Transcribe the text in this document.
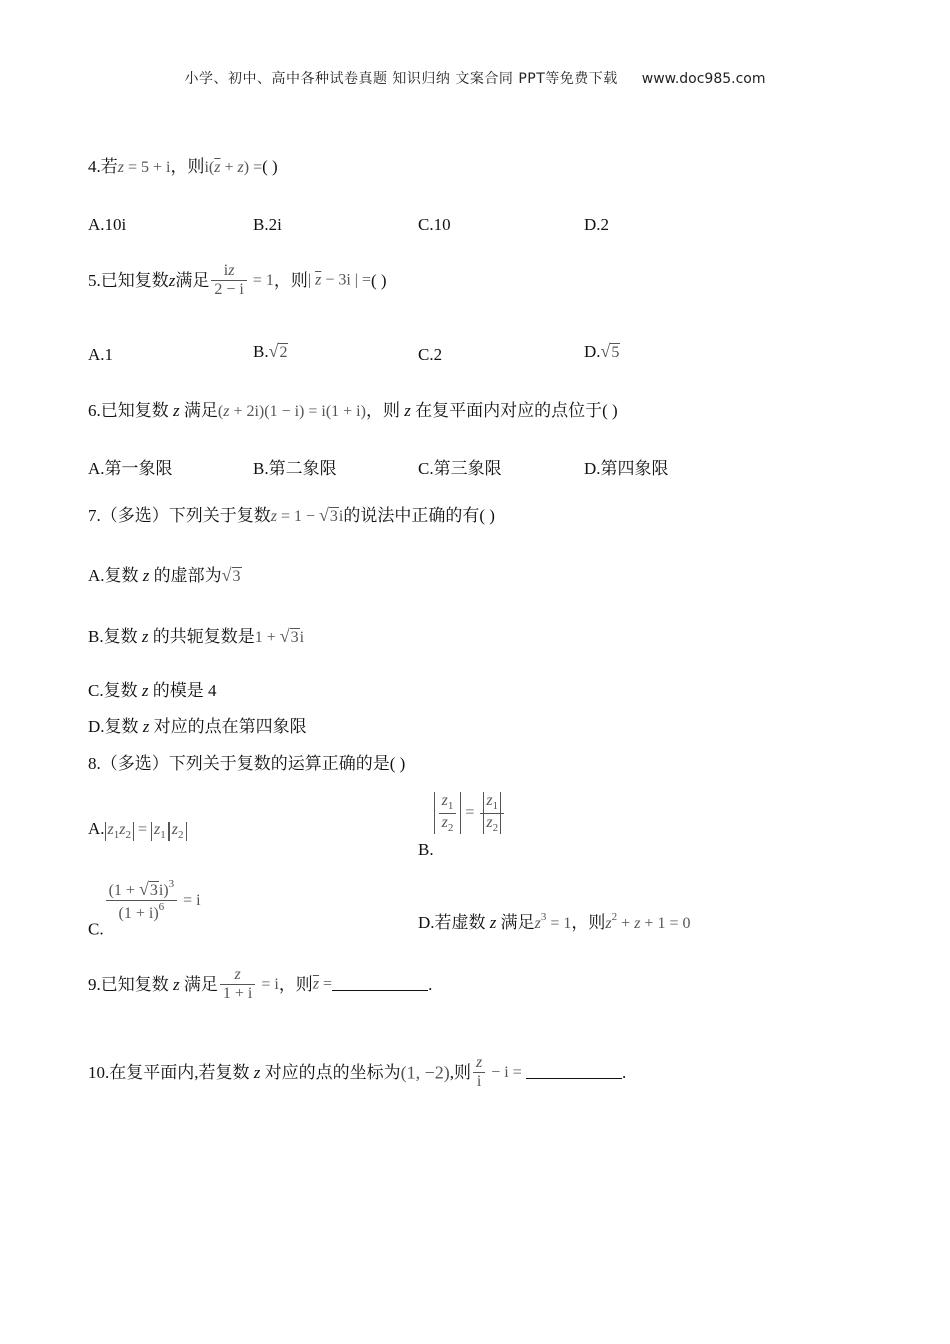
小学、初中、高中各种试卷真题 知识归纳 文案合同 PPT等免费下载 www.doc985.com
4.若z = 5 + i，则$i(\overline{z} + z)$ =( )
A.10i	B.2i	C.10	D.2
5.已知复数z满足 $\frac{iz}{2 - i} = 1$，则| $\overline{z} - 3i$ | =( )
A.1	B.√2	C.2	D.√5
6.已知复数 z 满足(z + 2i)(1 − i) = i(1 + i)，则 z 在复平面内对应的点位于( )
A.第一象限	B.第二象限	C.第三象限	D.第四象限
7.（多选）下列关于复数z = 1 − √3i的说法中正确的有( )
A.复数 z 的虚部为√3
B.复数 z 的共轭复数是1 + √3i
C.复数 z 的模是 4
D.复数 z 对应的点在第四象限
8.（多选）下列关于复数的运算正确的是( )
A. $z_1z_2 = z_1$ $z_2$
B.
$\frac{z_1}{z_2} = \frac{z_1}{z_2}$
C.
$\frac{(1 + √3i)^3}{(1 + i)^6} = i$
D.若虚数 z 满足$z^3 = 1$，则$z^2 + z + 1 = 0$
9.已知复数 z 满足 $\frac{z}{1 + i} = i$，则$\overline{z}$ =	.
10.在复平面内,若复数 z 对应的点的坐标为(1, −2),则 $\frac{z}{i} - i$ =	.
